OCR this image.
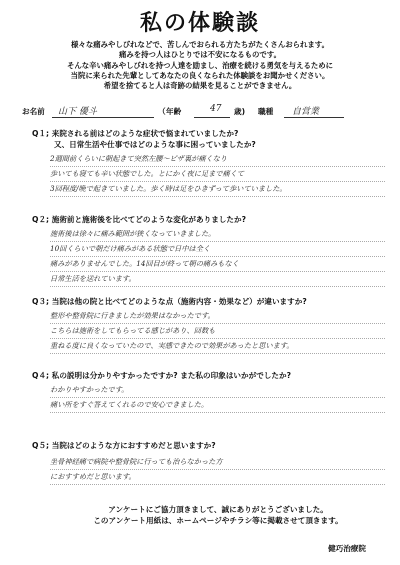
私の体験談
様々な痛みやしびれなどで、苦しんでおられる方たちがたくさんおられます。
痛みを持つ人はひとりでは不安になるものです。
そんな辛い痛みやしびれを持つ人達を励まし、治療を続ける勇気を与えるために
当院に来られた先輩としてあなたの良くなられた体験談をお聞かせください。
希望を捨てると人は奇跡の結果を見ることができません。
お名前 山下 優斗	（ 年齢	47 歳) 職種 自営業
Q１; 来院される前はどのような症状で悩まれていましたか?
又、日常生活や仕事ではどのような事に困っていましたか?
2週間前くらいに朝起きて突然左腰～ピザ裏が痛くなり
歩いても寝ても辛い状態でした。とにかく夜に足まで痛くて
3回程度/晩で起きていました。歩く時は足をひきずって歩いていました。
Q２; 施術前と施術後を比べてどのような変化がありましたか?
施術後は徐々に痛み範囲が狭くなっていきました。
10回くらいで朝だけ痛みがある状態で日中は全く
痛みがありませんでした。14回目が終って朝の痛みもなく
日常生活を送れています。
Q３; 当院は他の院と比べてどのような点（施術内容・効果など）が違いますか?
整形や整骨院に行きましたが効果はなかったです。
こちらは施術をしてもらってる感じがあり、回数も
重ねる度に良くなっていたので、実感できたので効果があったと思います。
Q４; 私の説明は分かりやすかったですか? また私の印象はいかがでしたか?
わかりやすかったです。
痛い所をすぐ答えてくれるので安心できました。
Q５; 当院はどのような方におすすめだと思いますか?
坐骨神経痛で病院や整骨院に行っても治らなかった方
におすすめだと思います。
アンケートにご協力頂きまして、誠にありがとうございました。
このアンケート用紙は、ホームページやチラシ等に掲載させて頂きます。
健巧治療院
